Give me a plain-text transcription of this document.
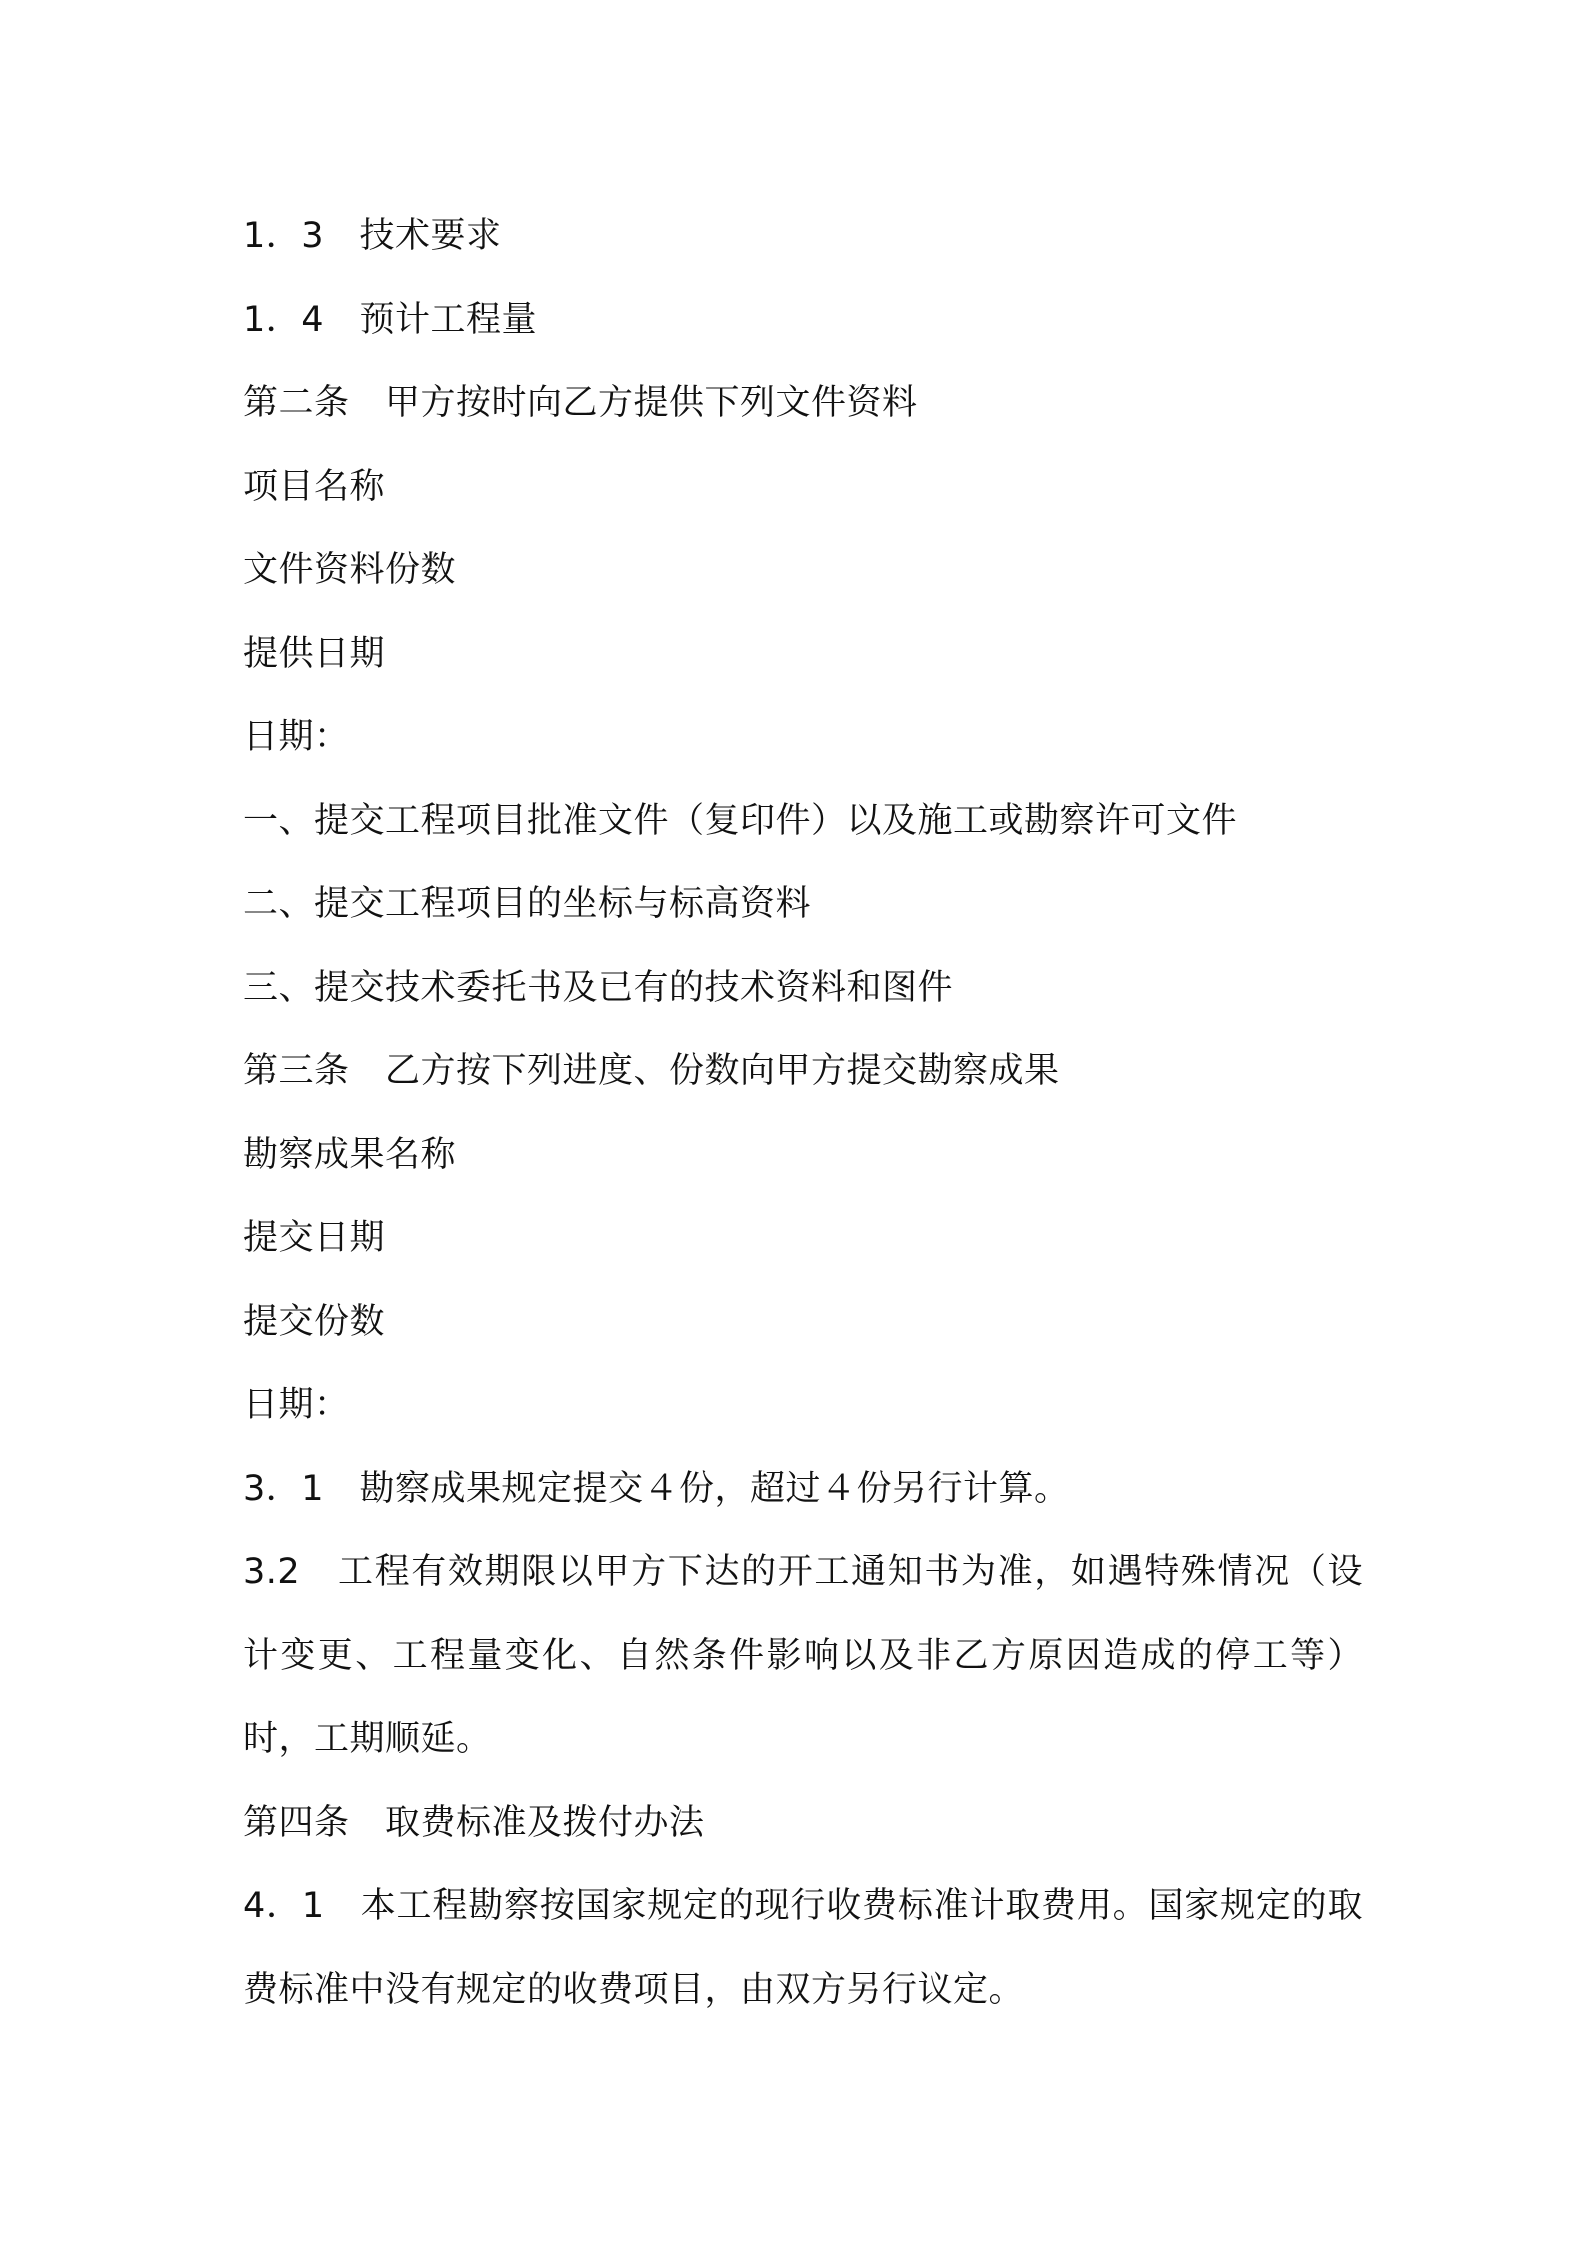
1．3　技术要求
1．4　预计工程量
第二条　甲方按时向乙方提供下列文件资料
项目名称
文件资料份数
提供日期
日期：
一、提交工程项目批准文件（复印件）以及施工或勘察许可文件
二、提交工程项目的坐标与标高资料
三、提交技术委托书及已有的技术资料和图件
第三条　乙方按下列进度、份数向甲方提交勘察成果
勘察成果名称
提交日期
提交份数
日期：
3．1　勘察成果规定提交４份，超过４份另行计算。
3.2　工程有效期限以甲方下达的开工通知书为准，如遇特殊情况（设计变更、工程量变化、自然条件影响以及非乙方原因造成的停工等）时，工期顺延。
第四条　取费标准及拨付办法
4．1　本工程勘察按国家规定的现行收费标准计取费用。国家规定的取费标准中没有规定的收费项目，由双方另行议定。
